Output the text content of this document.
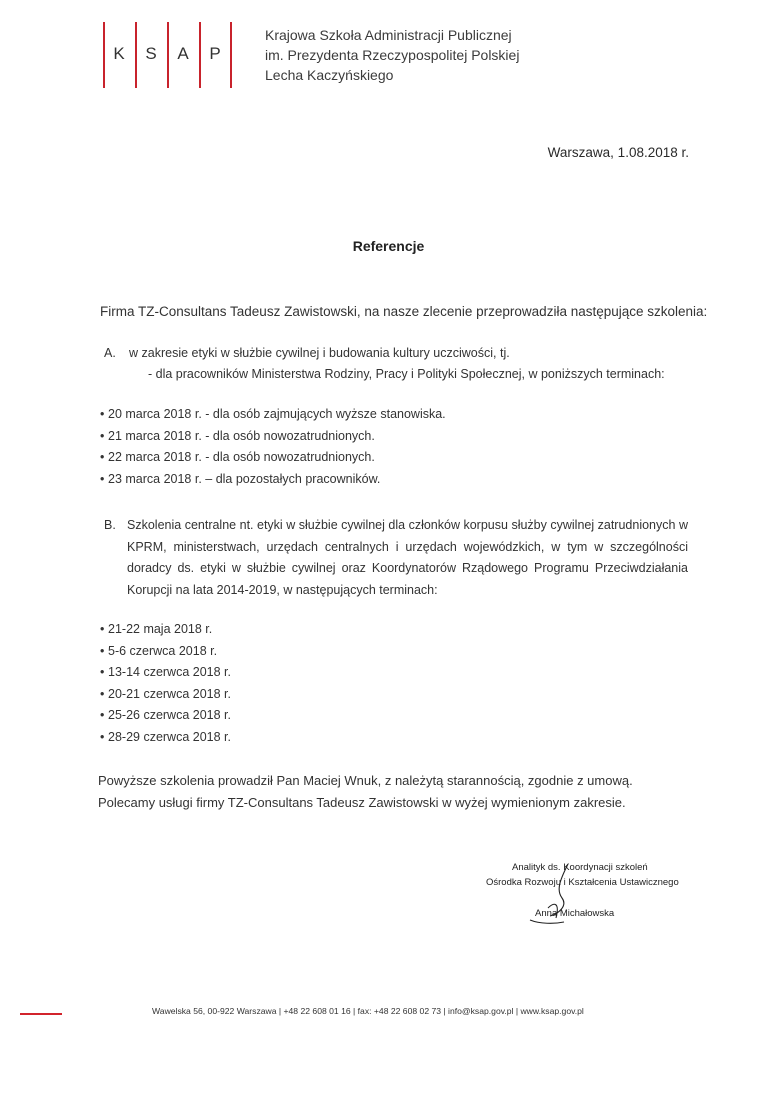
K S A P
Krajowa Szkoła Administracji Publicznej
im. Prezydenta Rzeczypospolitej Polskiej
Lecha Kaczyńskiego
Warszawa, 1.08.2018 r.
Referencje
Firma TZ-Consultans Tadeusz Zawistowski, na nasze zlecenie przeprowadziła następujące szkolenia:
A. w zakresie etyki w służbie cywilnej i budowania kultury uczciwości, tj.
- dla pracowników Ministerstwa Rodziny, Pracy i Polityki Społecznej, w poniższych terminach:
• 20 marca 2018 r. - dla osób zajmujących wyższe stanowiska.
• 21 marca 2018 r. - dla osób nowozatrudnionych.
• 22 marca 2018 r. - dla osób nowozatrudnionych.
• 23 marca 2018 r. – dla pozostałych pracowników.
B. Szkolenia centralne nt. etyki w służbie cywilnej dla członków korpusu służby cywilnej zatrudnionych w KPRM, ministerstwach, urzędach centralnych i urzędach wojewódzkich, w tym w szczególności doradcy ds. etyki w służbie cywilnej oraz Koordynatorów Rządowego Programu Przeciwdziałania Korupcji na lata 2014-2019, w następujących terminach:
• 21-22 maja 2018 r.
• 5-6 czerwca 2018 r.
• 13-14 czerwca 2018 r.
• 20-21 czerwca 2018 r.
• 25-26 czerwca 2018 r.
• 28-29 czerwca 2018 r.
Powyższe szkolenia prowadził Pan Maciej Wnuk, z należytą starannością, zgodnie z umową.
Polecamy usługi firmy TZ-Consultans Tadeusz Zawistowski w wyżej wymienionym zakresie.
Analityk ds. Koordynacji szkoleń
Ośrodka Rozwoju i Kształcenia Ustawicznego
Anna Michałowska
Wawelska 56, 00-922 Warszawa | +48 22 608 01 16 | fax: +48 22 608 02 73 | info@ksap.gov.pl | www.ksap.gov.pl
